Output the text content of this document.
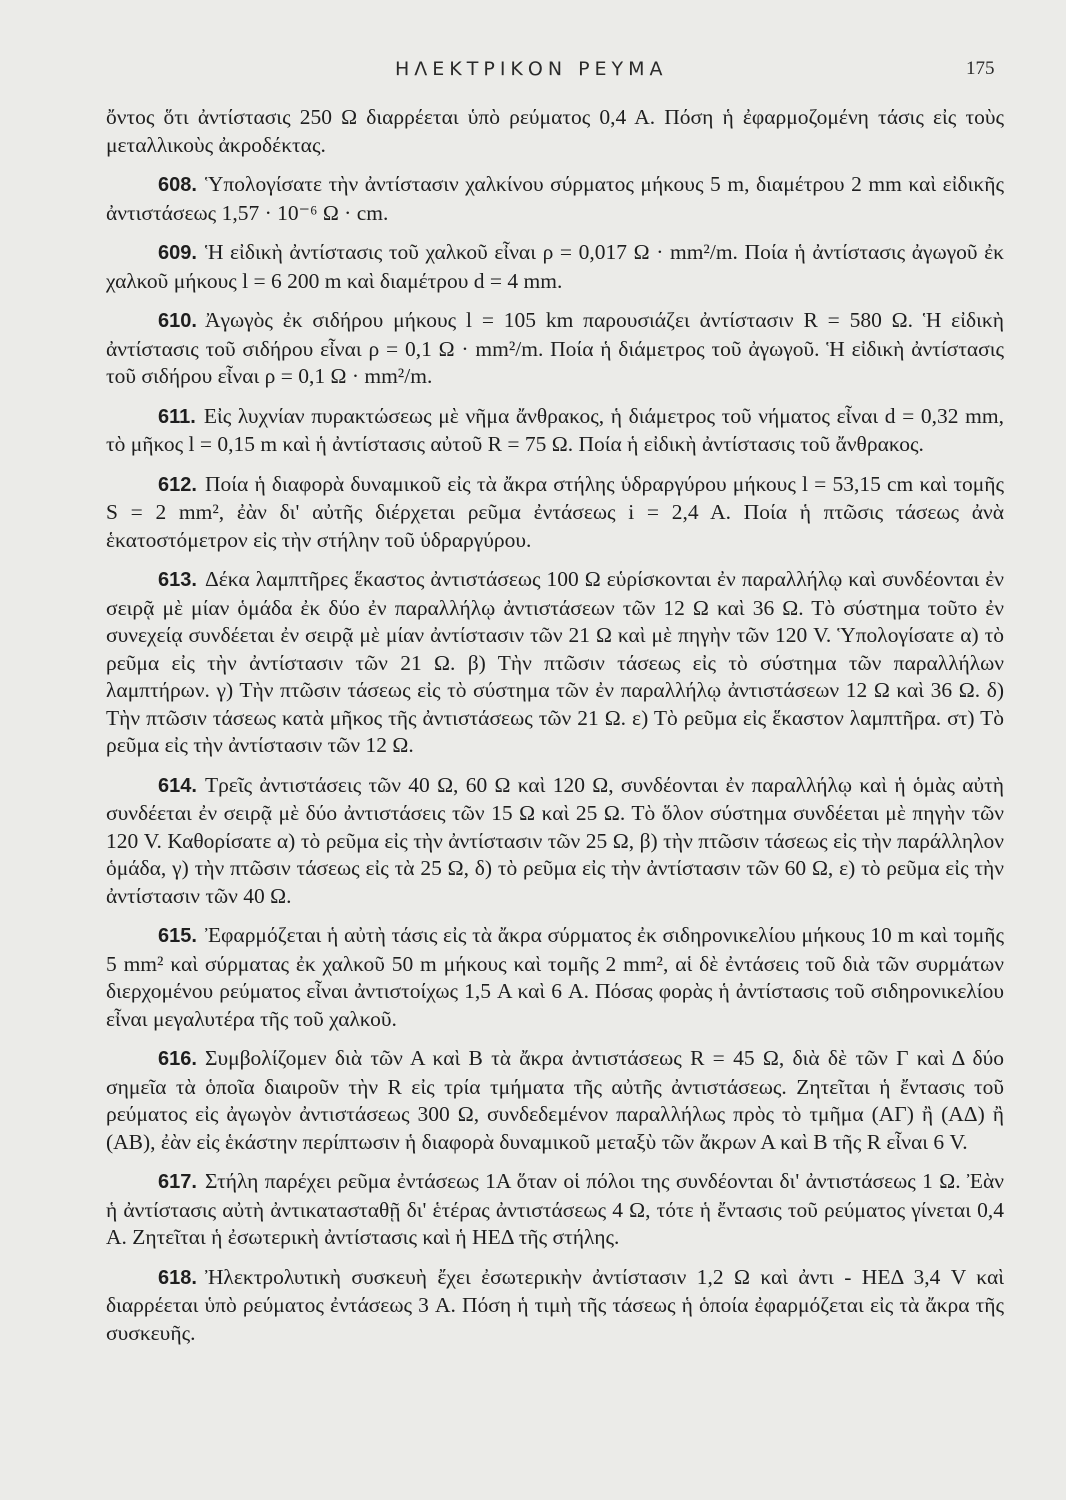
ΗΛΕΚΤΡΙΚΟΝ ΡΕΥΜΑ	175

ὄντος ὅτι ἀντίστασις 250 Ω διαρρέεται ὑπὸ ρεύματος 0,4 Α. Πόση ἡ ἐφαρμοζομένη τάσις εἰς τοὺς μεταλλικοὺς ἀκροδέκτας.

608. Ὑπολογίσατε τὴν ἀντίστασιν χαλκίνου σύρματος μήκους 5 m, διαμέτρου 2 mm καὶ εἰδικῆς ἀντιστάσεως 1,57 · 10⁻⁶ Ω · cm.

609. Ἡ εἰδικὴ ἀντίστασις τοῦ χαλκοῦ εἶναι ρ = 0,017 Ω · mm²/m. Ποία ἡ ἀντίστασις ἀγωγοῦ ἐκ χαλκοῦ μήκους l = 6 200 m καὶ διαμέτρου d = 4 mm.

610. Ἀγωγὸς ἐκ σιδήρου μήκους l = 105 km παρουσιάζει ἀντίστασιν R = 580 Ω. Ἡ εἰδικὴ ἀντίστασις τοῦ σιδήρου εἶναι ρ = 0,1 Ω · mm²/m. Ποία ἡ διάμετρος τοῦ ἀγωγοῦ. Ἡ εἰδικὴ ἀντίστασις τοῦ σιδήρου εἶναι ρ = 0,1 Ω · mm²/m.

611. Εἰς λυχνίαν πυρακτώσεως μὲ νῆμα ἄνθρακος, ἡ διάμετρος τοῦ νήματος εἶναι d = 0,32 mm, τὸ μῆκος l = 0,15 m καὶ ἡ ἀντίστασις αὐτοῦ R = 75 Ω. Ποία ἡ εἰδικὴ ἀντίστασις τοῦ ἄνθρακος.

612. Ποία ἡ διαφορὰ δυναμικοῦ εἰς τὰ ἄκρα στήλης ὑδραργύρου μήκους l = 53,15 cm καὶ τομῆς S = 2 mm², ἐὰν δι' αὐτῆς διέρχεται ρεῦμα ἐντάσεως i = 2,4 A. Ποία ἡ πτῶσις τάσεως ἀνὰ ἑκατοστόμετρον εἰς τὴν στήλην τοῦ ὑδραργύρου.

613. Δέκα λαμπτῆρες ἕκαστος ἀντιστάσεως 100 Ω εὑρίσκονται ἐν παραλλήλῳ καὶ συνδέονται ἐν σειρᾷ μὲ μίαν ὁμάδα ἐκ δύο ἐν παραλλήλῳ ἀντιστάσεων τῶν 12 Ω καὶ 36 Ω. Τὸ σύστημα τοῦτο ἐν συνεχείᾳ συνδέεται ἐν σειρᾷ μὲ μίαν ἀντίστασιν τῶν 21 Ω καὶ μὲ πηγὴν τῶν 120 V. Ὑπολογίσατε α) τὸ ρεῦμα εἰς τὴν ἀντίστασιν τῶν 21 Ω. β) Τὴν πτῶσιν τάσεως εἰς τὸ σύστημα τῶν παραλλήλων λαμπτήρων. γ) Τὴν πτῶσιν τάσεως εἰς τὸ σύστημα τῶν ἐν παραλλήλῳ ἀντιστάσεων 12 Ω καὶ 36 Ω. δ) Τὴν πτῶσιν τάσεως κατὰ μῆκος τῆς ἀντιστάσεως τῶν 21 Ω. ε) Τὸ ρεῦμα εἰς ἕκαστον λαμπτῆρα. στ) Τὸ ρεῦμα εἰς τὴν ἀντίστασιν τῶν 12 Ω.

614. Τρεῖς ἀντιστάσεις τῶν 40 Ω, 60 Ω καὶ 120 Ω, συνδέονται ἐν παραλλήλῳ καὶ ἡ ὁμὰς αὐτὴ συνδέεται ἐν σειρᾷ μὲ δύο ἀντιστάσεις τῶν 15 Ω καὶ 25 Ω. Τὸ ὅλον σύστημα συνδέεται μὲ πηγὴν τῶν 120 V. Καθορίσατε α) τὸ ρεῦμα εἰς τὴν ἀντίστασιν τῶν 25 Ω, β) τὴν πτῶσιν τάσεως εἰς τὴν παράλληλον ὁμάδα, γ) τὴν πτῶσιν τάσεως εἰς τὰ 25 Ω, δ) τὸ ρεῦμα εἰς τὴν ἀντίστασιν τῶν 60 Ω, ε) τὸ ρεῦμα εἰς τὴν ἀντίστασιν τῶν 40 Ω.

615. Ἐφαρμόζεται ἡ αὐτὴ τάσις εἰς τὰ ἄκρα σύρματος ἐκ σιδηρονικελίου μήκους 10 m καὶ τομῆς 5 mm² καὶ σύρματας ἐκ χαλκοῦ 50 m μήκους καὶ τομῆς 2 mm², αἱ δὲ ἐντάσεις τοῦ διὰ τῶν συρμάτων διερχομένου ρεύματος εἶναι ἀντιστοίχως 1,5 A καὶ 6 A. Πόσας φορὰς ἡ ἀντίστασις τοῦ σιδηρονικελίου εἶναι μεγαλυτέρα τῆς τοῦ χαλκοῦ.

616. Συμβολίζομεν διὰ τῶν Α καὶ Β τὰ ἄκρα ἀντιστάσεως R = 45 Ω, διὰ δὲ τῶν Γ καὶ Δ δύο σημεῖα τὰ ὁποῖα διαιροῦν τὴν R εἰς τρία τμήματα τῆς αὐτῆς ἀντιστάσεως. Ζητεῖται ἡ ἔντασις τοῦ ρεύματος εἰς ἀγωγὸν ἀντιστάσεως 300 Ω, συνδεδεμένον παραλλήλως πρὸς τὸ τμῆμα (ΑΓ) ἢ (ΑΔ) ἢ (ΑΒ), ἐὰν εἰς ἑκάστην περίπτωσιν ἡ διαφορὰ δυναμικοῦ μεταξὺ τῶν ἄκρων Α καὶ Β τῆς R εἶναι 6 V.

617. Στήλη παρέχει ρεῦμα ἐντάσεως 1A ὅταν οἱ πόλοι της συνδέονται δι' ἀντιστάσεως 1 Ω. Ἐὰν ἡ ἀντίστασις αὐτὴ ἀντικατασταθῇ δι' ἑτέρας ἀντιστάσεως 4 Ω, τότε ἡ ἔντασις τοῦ ρεύματος γίνεται 0,4 A. Ζητεῖται ἡ ἐσωτερικὴ ἀντίστασις καὶ ἡ ΗΕΔ τῆς στήλης.

618. Ἠλεκτρολυτικὴ συσκευὴ ἔχει ἐσωτερικὴν ἀντίστασιν 1,2 Ω καὶ ἀντι - ΗΕΔ 3,4 V καὶ διαρρέεται ὑπὸ ρεύματος ἐντάσεως 3 A. Πόση ἡ τιμὴ τῆς τάσεως ἡ ὁποία ἐφαρμόζεται εἰς τὰ ἄκρα τῆς συσκευῆς.
